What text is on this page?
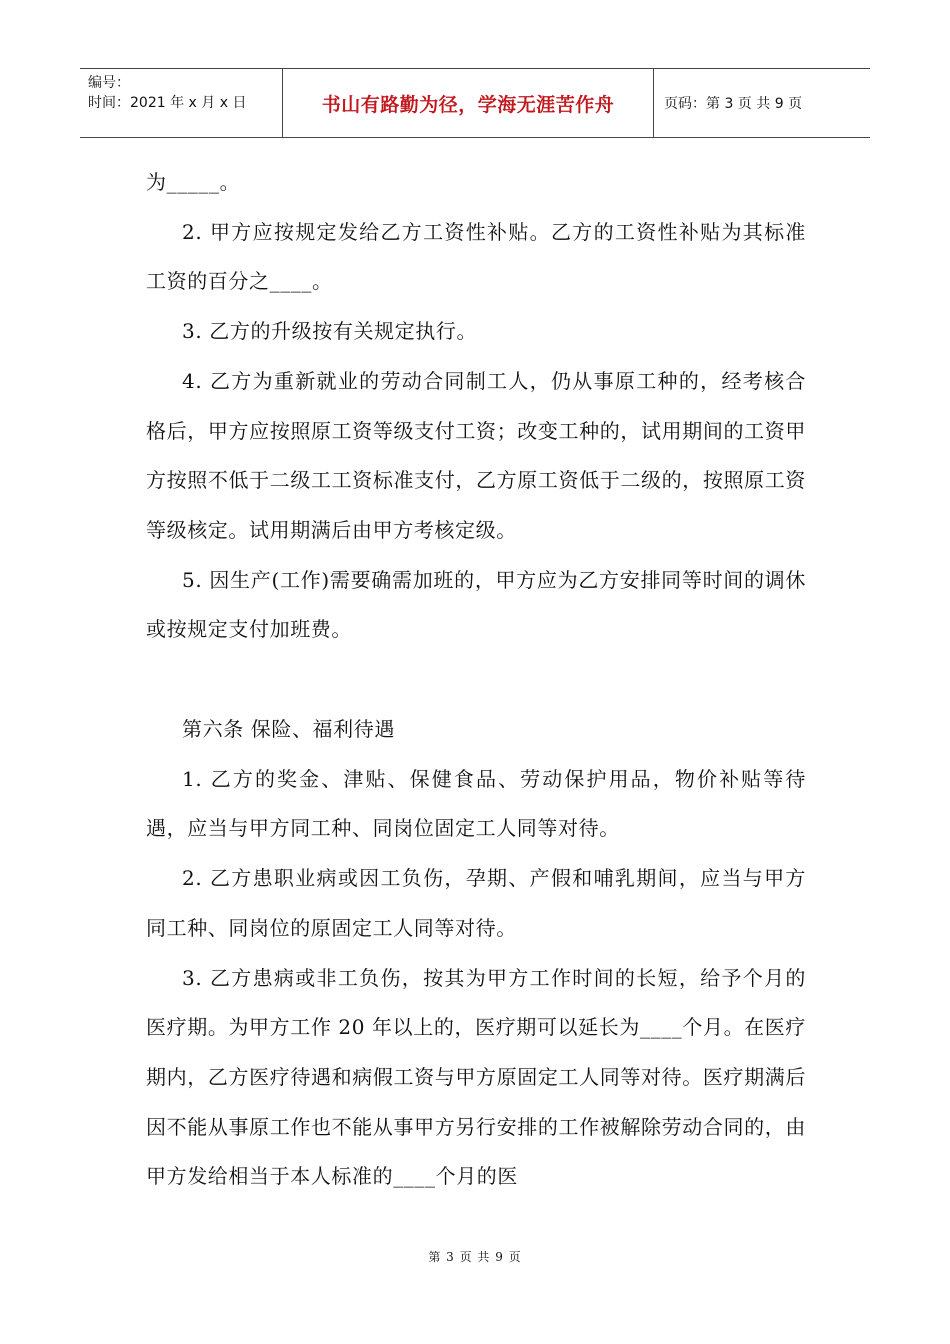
编号：
时间：2021 年 x 月 x 日	书山有路勤为径，学海无涯苦作舟	页码：第 3 页 共 9 页

为_____。

2. 甲方应按规定发给乙方工资性补贴。乙方的工资性补贴为其标准工资的百分之____。

3. 乙方的升级按有关规定执行。

4. 乙方为重新就业的劳动合同制工人，仍从事原工种的，经考核合格后，甲方应按照原工资等级支付工资；改变工种的，试用期间的工资甲方按照不低于二级工工资标准支付，乙方原工资低于二级的，按照原工资等级核定。试用期满后由甲方考核定级。

5. 因生产(工作)需要确需加班的，甲方应为乙方安排同等时间的调休或按规定支付加班费。

第六条 保险、福利待遇

1. 乙方的奖金、津贴、保健食品、劳动保护用品，物价补贴等待遇，应当与甲方同工种、同岗位固定工人同等对待。

2. 乙方患职业病或因工负伤，孕期、产假和哺乳期间，应当与甲方同工种、同岗位的原固定工人同等对待。

3. 乙方患病或非工负伤，按其为甲方工作时间的长短，给予个月的医疗期。为甲方工作 20 年以上的，医疗期可以延长为____个月。在医疗期内，乙方医疗待遇和病假工资与甲方原固定工人同等对待。医疗期满后因不能从事原工作也不能从事甲方另行安排的工作被解除劳动合同的，由甲方发给相当于本人标准的____个月的医

第 3 页 共 9 页
